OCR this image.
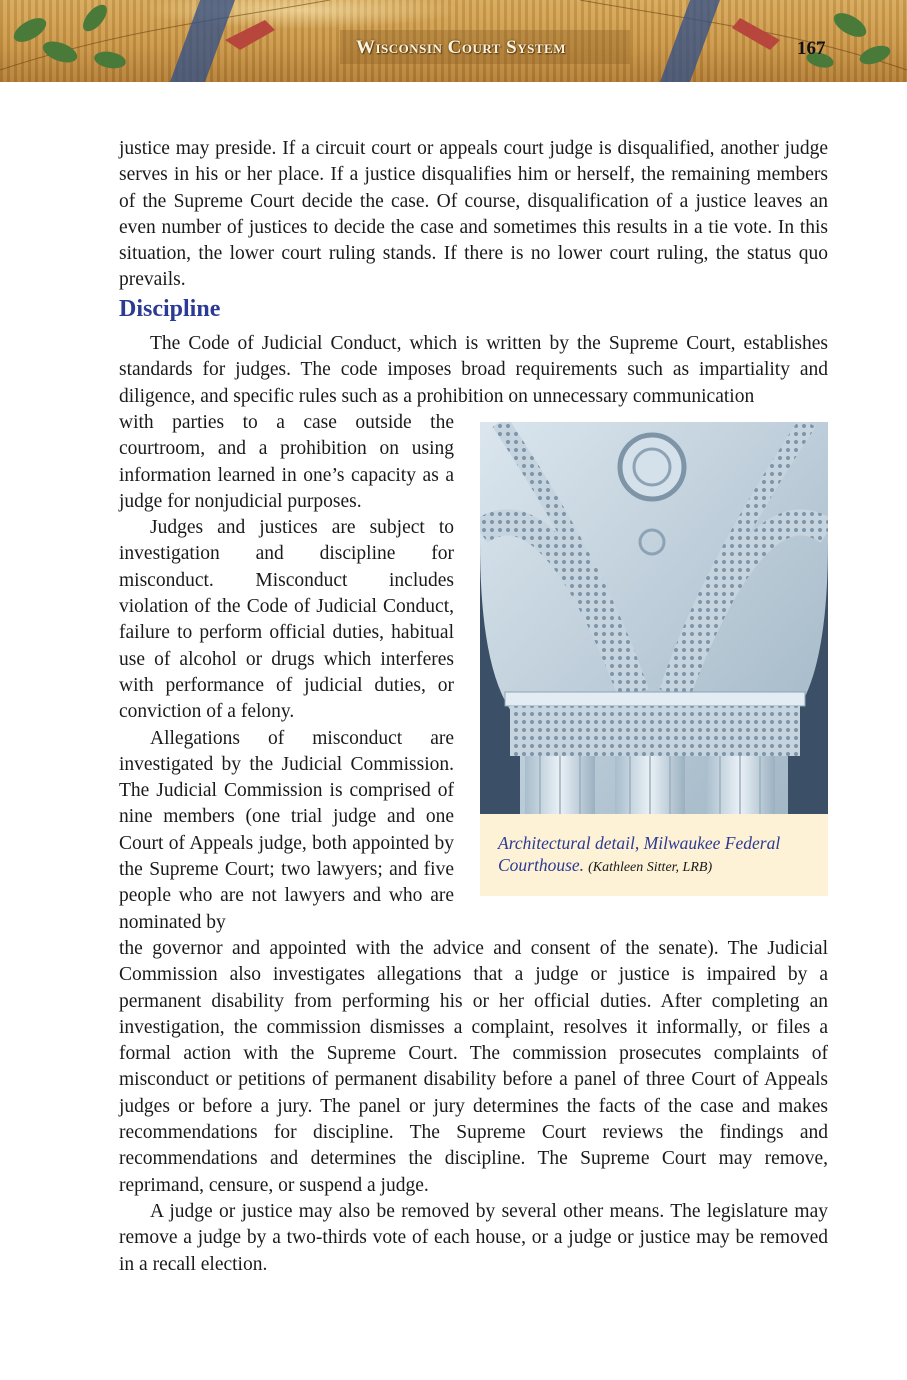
Wisconsin Court System	167

justice may preside. If a circuit court or appeals court judge is disqualified, another judge serves in his or her place. If a justice disqualifies him or herself, the remaining members of the Supreme Court decide the case. Of course, disqualification of a justice leaves an even number of justices to decide the case and sometimes this results in a tie vote. In this situation, the lower court ruling stands. If there is no lower court ruling, the status quo prevails.

Discipline

The Code of Judicial Conduct, which is written by the Supreme Court, establishes standards for judges. The code imposes broad requirements such as impartiality and diligence, and specific rules such as a prohibition on unnecessary communication

with parties to a case outside the courtroom, and a prohibition on using information learned in one’s capacity as a judge for nonjudicial purposes.

Judges and justices are subject to investigation and discipline for misconduct. Misconduct includes violation of the Code of Judicial Conduct, failure to perform official duties, habitual use of alcohol or drugs which interferes with performance of judicial duties, or conviction of a felony.

Allegations of misconduct are investigated by the Judicial Commission. The Judicial Commission is comprised of nine members (one trial judge and one Court of Appeals judge, both appointed by the Supreme Court; two lawyers; and five people who are not lawyers and who are nominated by

Architectural detail, Milwaukee Federal Courthouse. (Kathleen Sitter, LRB)

the governor and appointed with the advice and consent of the senate). The Judicial Commission also investigates allegations that a judge or justice is impaired by a permanent disability from performing his or her official duties. After completing an investigation, the commission dismisses a complaint, resolves it informally, or files a formal action with the Supreme Court. The commission prosecutes complaints of misconduct or petitions of permanent disability before a panel of three Court of Appeals judges or before a jury. The panel or jury determines the facts of the case and makes recommendations for discipline. The Supreme Court reviews the findings and recommendations and determines the discipline. The Supreme Court may remove, reprimand, censure, or suspend a judge.

A judge or justice may also be removed by several other means. The legislature may remove a judge by a two-thirds vote of each house, or a judge or justice may be removed in a recall election.
